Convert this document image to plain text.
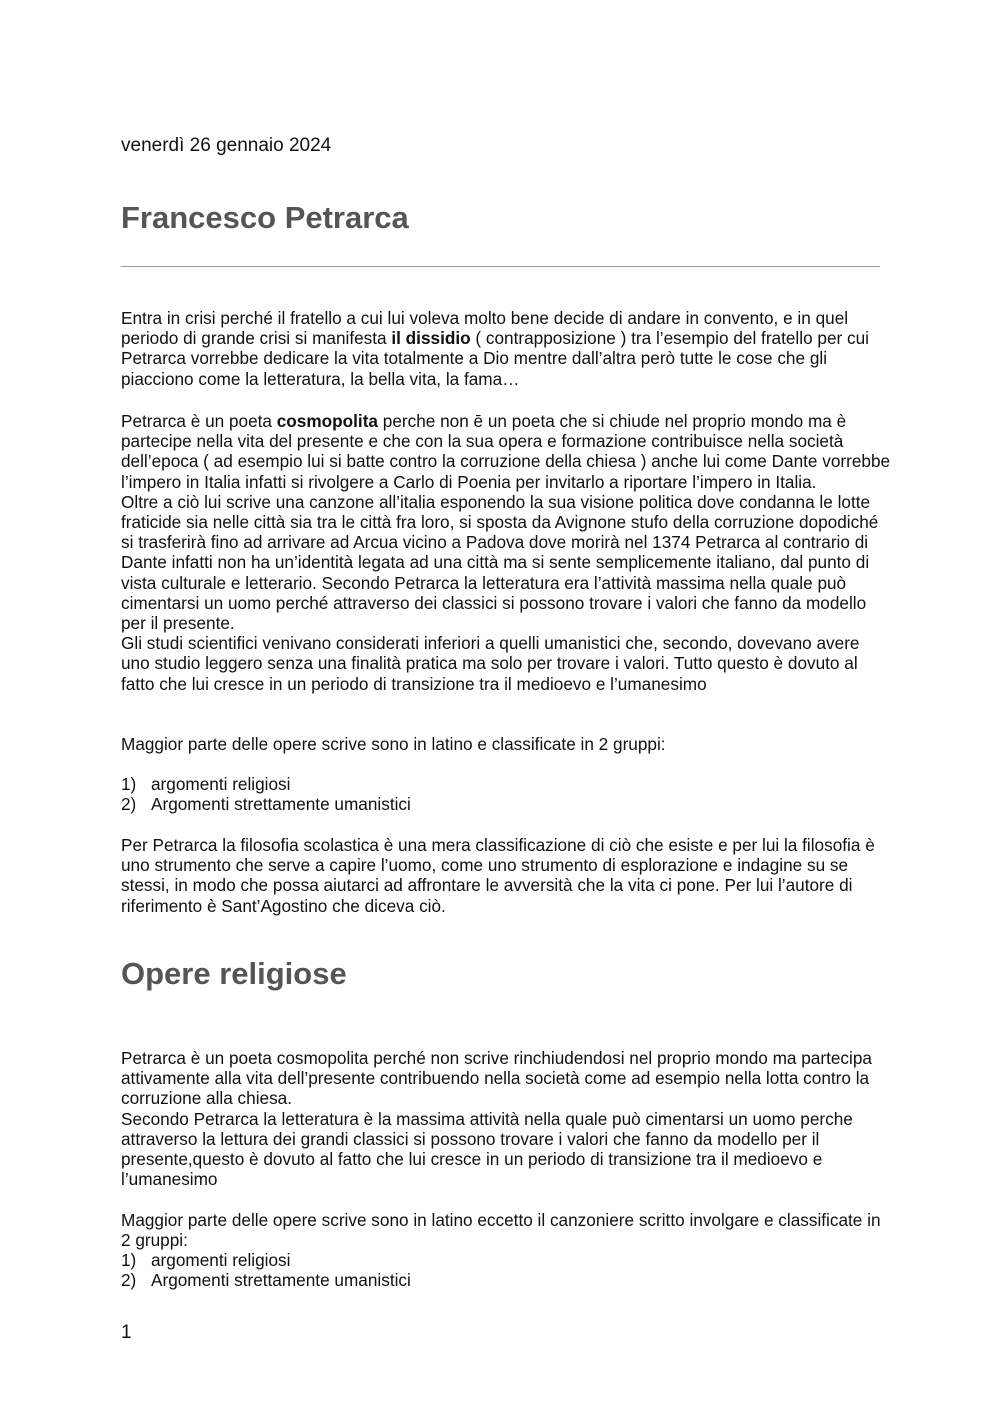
venerdì 26 gennaio 2024
Francesco Petrarca

Entra in crisi perché il fratello a cui lui voleva molto bene decide di andare in convento, e in quel periodo di grande crisi si manifesta il dissidio ( contrapposizione ) tra l’esempio del fratello per cui Petrarca vorrebbe dedicare la vita totalmente a Dio mentre dall’altra però tutte le cose che gli piacciono come la letteratura, la bella vita, la fama…

Petrarca è un poeta cosmopolita perche non ē un poeta che si chiude nel proprio mondo ma è partecipe nella vita del presente e che con la sua opera e formazione contribuisce nella società dell’epoca ( ad esempio lui si batte contro la corruzione della chiesa ) anche lui come Dante vorrebbe l’impero in Italia infatti si rivolgere a Carlo di Poenia per invitarlo a riportare l’impero in Italia.

Oltre a ciò lui scrive una canzone all’italia esponendo la sua visione politica dove condanna le lotte fraticide sia nelle città sia tra le città fra loro, si sposta da Avignone stufo della corruzione dopodiché si trasferirà fino ad arrivare ad Arcua vicino a Padova dove morirà nel 1374 Petrarca al contrario di Dante infatti non ha un’identità legata ad una città ma si sente semplicemente italiano, dal punto di vista culturale e letterario. Secondo Petrarca la letteratura era l’attività massima nella quale può cimentarsi un uomo perché attraverso dei classici si possono trovare i valori che fanno da modello per il presente.

Gli studi scientifici venivano considerati inferiori a quelli umanistici che, secondo, dovevano avere uno studio leggero senza una finalità pratica ma solo per trovare i valori. Tutto questo è dovuto al fatto che lui cresce in un periodo di transizione tra il medioevo e l’umanesimo

Maggior parte delle opere scrive sono in latino e classificate in 2 gruppi:

1) argomenti religiosi
2) Argomenti strettamente umanistici

Per Petrarca la filosofia scolastica è una mera classificazione di ciò che esiste e per lui la filosofia è uno strumento che serve a capire l’uomo, come uno strumento di esplorazione e indagine su se stessi, in modo che possa aiutarci ad affrontare le avversità che la vita ci pone. Per lui l’autore di riferimento è Sant’Agostino che diceva ciò.

Opere religiose

Petrarca è un poeta cosmopolita perché non scrive rinchiudendosi nel proprio mondo ma partecipa attivamente alla vita dell’presente contribuendo nella società come ad esempio nella lotta contro la corruzione alla chiesa.

Secondo Petrarca la letteratura è la massima attività nella quale può cimentarsi un uomo perche attraverso la lettura dei grandi classici si possono trovare i valori che fanno da modello per il presente,questo è dovuto al fatto che lui cresce in un periodo di transizione tra il medioevo e l’umanesimo

Maggior parte delle opere scrive sono in latino eccetto il canzoniere scritto involgare e classificate in 2 gruppi:

1) argomenti religiosi
2) Argomenti strettamente umanistici
1
